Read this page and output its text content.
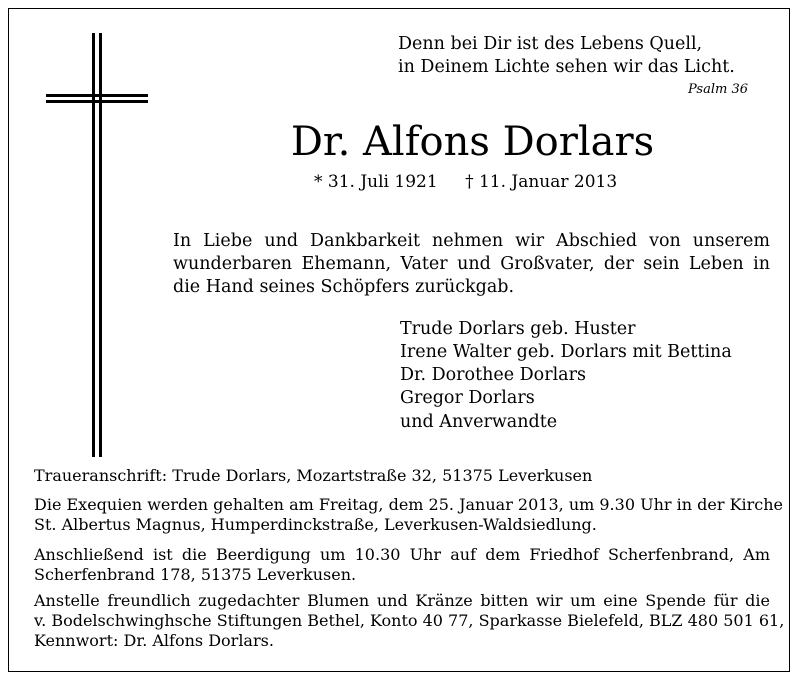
Denn bei Dir ist des Lebens Quell,
in Deinem Lichte sehen wir das Licht.
Psalm 36
Dr. Alfons Dorlars
* 31. Juli 1921 † 11. Januar 2013
In Liebe und Dankbarkeit nehmen wir Abschied von unserem
wunderbaren Ehemann, Vater und Großvater, der sein Leben in
die Hand seines Schöpfers zurückgab.
Trude Dorlars geb. Huster
Irene Walter geb. Dorlars mit Bettina
Dr. Dorothee Dorlars
Gregor Dorlars
und Anverwandte
Traueranschrift: Trude Dorlars, Mozartstraße 32, 51375 Leverkusen
Die Exequien werden gehalten am Freitag, dem 25. Januar 2013, um 9.30 Uhr in der Kirche
St. Albertus Magnus, Humperdinckstraße, Leverkusen-Waldsiedlung.
Anschließend ist die Beerdigung um 10.30 Uhr auf dem Friedhof Scherfenbrand, Am
Scherfenbrand 178, 51375 Leverkusen.
Anstelle freundlich zugedachter Blumen und Kränze bitten wir um eine Spende für die
v. Bodelschwinghsche Stiftungen Bethel, Konto 40 77, Sparkasse Bielefeld, BLZ 480 501 61,
Kennwort: Dr. Alfons Dorlars.
